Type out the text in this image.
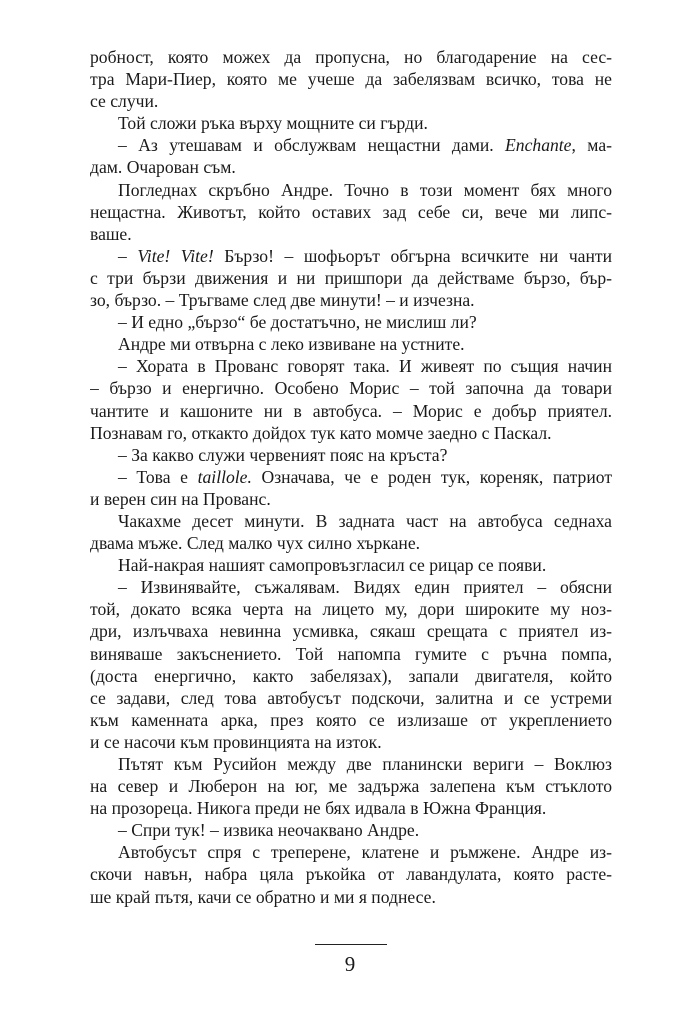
робност, която можех да пропусна, но благодарение на сес-
тра Мари-Пиер, която ме учеше да забелязвам всичко, това не
се случи.
Той сложи ръка върху мощните си гърди.
– Аз утешавам и обслужвам нещастни дами. Enchante, ма-
дам. Очарован съм.
Погледнах скръбно Андре. Точно в този момент бях много
нещастна. Животът, който оставих зад себе си, вече ми липс-
ваше.
– Vite! Vite! Бързо! – шофьорът обгърна всичките ни чанти
с три бързи движения и ни пришпори да действаме бързо, бър-
зо, бързо. – Тръгваме след две минути! – и изчезна.
– И едно „бързо“ бе достатъчно, не мислиш ли?
Андре ми отвърна с леко извиване на устните.
– Хората в Прованс говорят така. И живеят по същия начин
– бързо и енергично. Особено Морис – той започна да товари
чантите и кашоните ни в автобуса. – Морис е добър приятел.
Познавам го, откакто дойдох тук като момче заедно с Паскал.
– За какво служи червеният пояс на кръста?
– Това е taillole. Означава, че е роден тук, кореняк, патриот
и верен син на Прованс.
Чакахме десет минути. В задната част на автобуса седнаха
двама мъже. След малко чух силно хъркане.
Най-накрая нашият самопровъзгласил се рицар се появи.
– Извинявайте, съжалявам. Видях един приятел – обясни
той, докато всяка черта на лицето му, дори широките му ноз-
дри, излъчваха невинна усмивка, сякаш срещата с приятел из-
виняваше закъснението. Той напомпа гумите с ръчна помпа,
(доста енергично, както забелязах), запали двигателя, който
се задави, след това автобусът подскочи, залитна и се устреми
към каменната арка, през която се излизаше от укреплението
и се насочи към провинцията на изток.
Пътят към Русийон между две планински вериги – Воклюз
на север и Люберон на юг, ме задържа залепена към стъклото
на прозореца. Никога преди не бях идвала в Южна Франция.
– Спри тук! – извика неочаквано Андре.
Автобусът спря с треперене, клатене и ръмжене. Андре из-
скочи навън, набра цяла ръкойка от лавандулата, която расте-
ше край пътя, качи се обратно и ми я поднесе.
9
